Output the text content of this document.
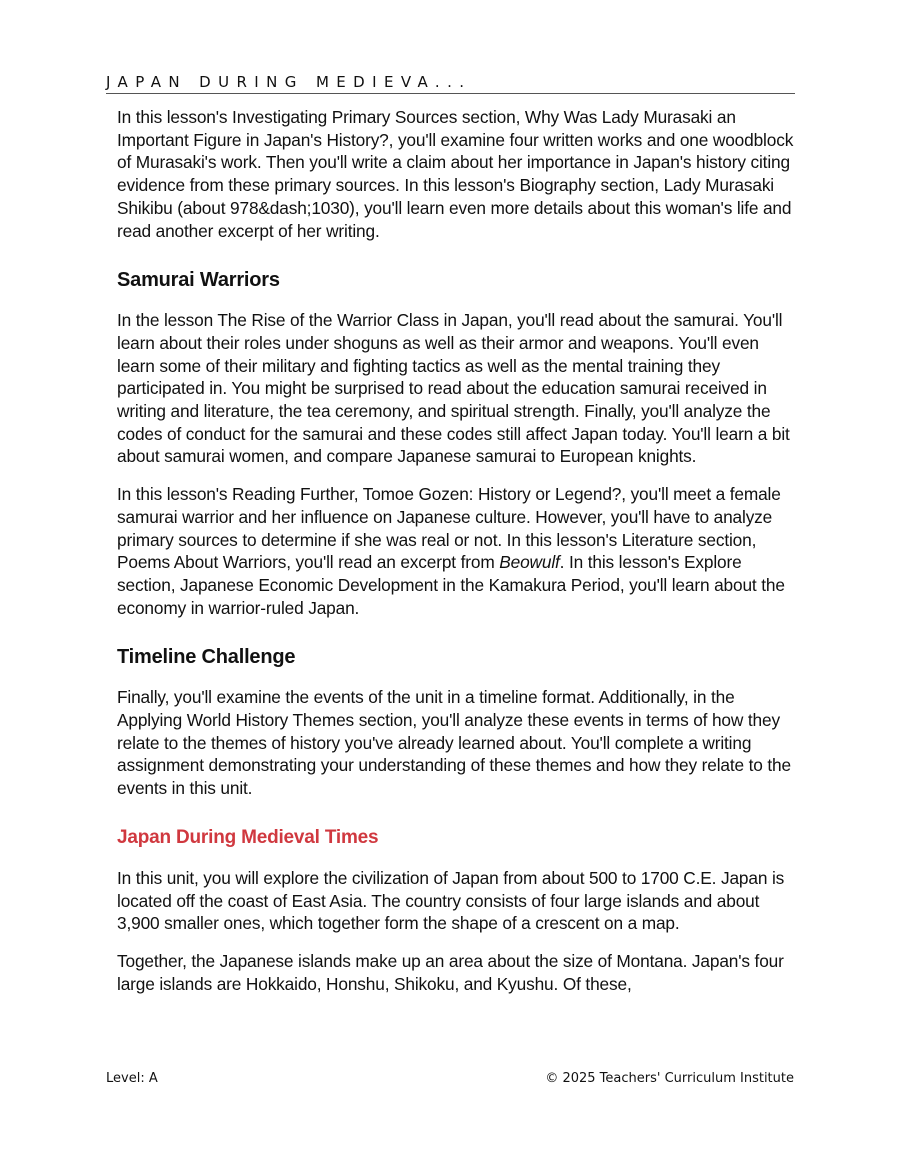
JAPAN DURING MEDIEVA...

In this lesson's Investigating Primary Sources section, Why Was Lady Murasaki an Important Figure in Japan's History?, you'll examine four written works and one woodblock of Murasaki's work. Then you'll write a claim about her importance in Japan's history citing evidence from these primary sources. In this lesson's Biography section, Lady Murasaki Shikibu (about 978&dash;1030), you'll learn even more details about this woman's life and read another excerpt of her writing.

Samurai Warriors

In the lesson The Rise of the Warrior Class in Japan, you'll read about the samurai. You'll learn about their roles under shoguns as well as their armor and weapons. You'll even learn some of their military and fighting tactics as well as the mental training they participated in. You might be surprised to read about the education samurai received in writing and literature, the tea ceremony, and spiritual strength. Finally, you'll analyze the codes of conduct for the samurai and these codes still affect Japan today. You'll learn a bit about samurai women, and compare Japanese samurai to European knights.

In this lesson's Reading Further, Tomoe Gozen: History or Legend?, you'll meet a female samurai warrior and her influence on Japanese culture. However, you'll have to analyze primary sources to determine if she was real or not. In this lesson's Literature section, Poems About Warriors, you'll read an excerpt from Beowulf. In this lesson's Explore section, Japanese Economic Development in the Kamakura Period, you'll learn about the economy in warrior-ruled Japan.

Timeline Challenge

Finally, you'll examine the events of the unit in a timeline format. Additionally, in the Applying World History Themes section, you'll analyze these events in terms of how they relate to the themes of history you've already learned about. You'll complete a writing assignment demonstrating your understanding of these themes and how they relate to the events in this unit.

Japan During Medieval Times

In this unit, you will explore the civilization of Japan from about 500 to 1700 C.E. Japan is located off the coast of East Asia. The country consists of four large islands and about 3,900 smaller ones, which together form the shape of a crescent on a map.

Together, the Japanese islands make up an area about the size of Montana. Japan's four large islands are Hokkaido, Honshu, Shikoku, and Kyushu. Of these,

Level: A	© 2025 Teachers' Curriculum Institute
